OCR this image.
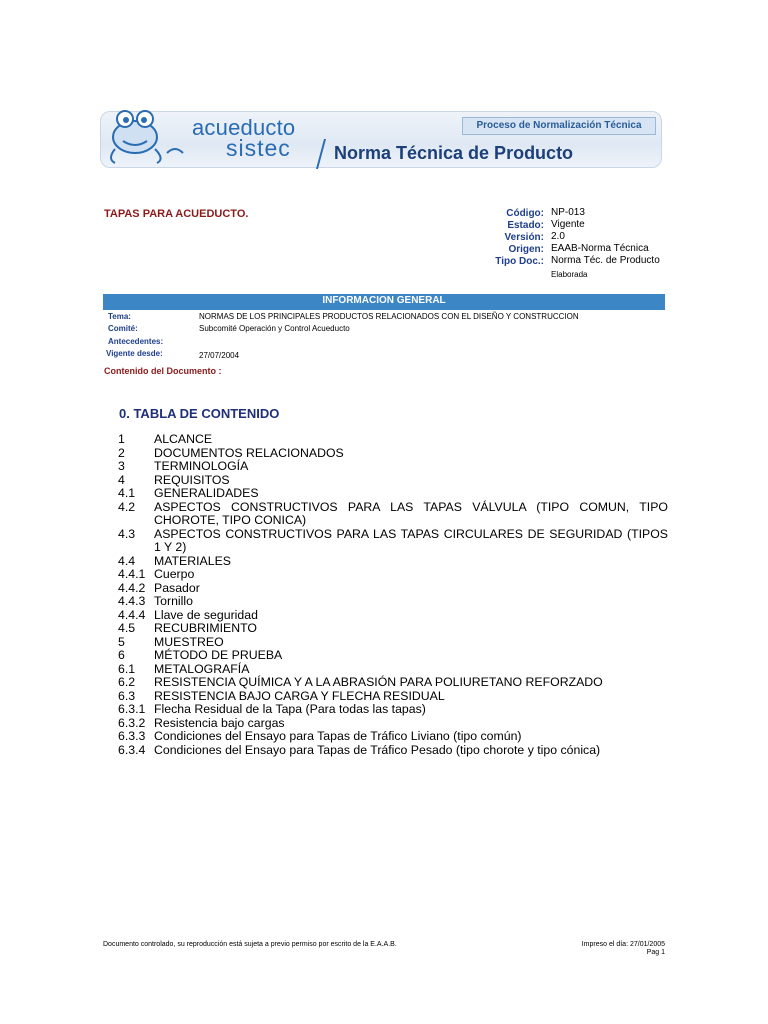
acueducto
sistec
Proceso de Normalización Técnica
Norma Técnica de Producto
TAPAS PARA ACUEDUCTO.	Código: NP-013
Estado: Vigente
Versión: 2.0
Origen: EAAB-Norma Técnica
Tipo Doc.: Norma Téc. de Producto
Elaborada
INFORMACION GENERAL
Tema:	NORMAS DE LOS PRINCIPALES PRODUCTOS RELACIONADOS CON EL DISEÑO Y CONSTRUCCION
Comité:	Subcomité Operación y Control Acueducto
Antecedentes:
Vigente desde:	27/07/2004
Contenido del Documento :
0. TABLA DE CONTENIDO
1	ALCANCE
2	DOCUMENTOS RELACIONADOS
3	TERMINOLOGÍA
4	REQUISITOS
4.1	GENERALIDADES
4.2	ASPECTOS CONSTRUCTIVOS PARA LAS TAPAS VÁLVULA (TIPO COMUN, TIPO CHOROTE, TIPO CONICA)
4.3	ASPECTOS CONSTRUCTIVOS PARA LAS TAPAS CIRCULARES DE SEGURIDAD (TIPOS 1 Y 2)
4.4	MATERIALES
4.4.1 Cuerpo
4.4.2 Pasador
4.4.3 Tornillo
4.4.4 Llave de seguridad
4.5	RECUBRIMIENTO
5	MUESTREO
6	MÉTODO DE PRUEBA
6.1	METALOGRAFÍA
6.2	RESISTENCIA QUÍMICA Y A LA ABRASIÓN PARA POLIURETANO REFORZADO
6.3	RESISTENCIA BAJO CARGA Y FLECHA RESIDUAL
6.3.1 Flecha Residual de la Tapa (Para todas las tapas)
6.3.2 Resistencia bajo cargas
6.3.3 Condiciones del Ensayo para Tapas de Tráfico Liviano (tipo común)
6.3.4 Condiciones del Ensayo para Tapas de Tráfico Pesado (tipo chorote y tipo cónica)
Documento controlado, su reproducción está sujeta a previo permiso por escrito de la E.A.A.B.	Impreso el día: 27/01/2005
Pag 1
